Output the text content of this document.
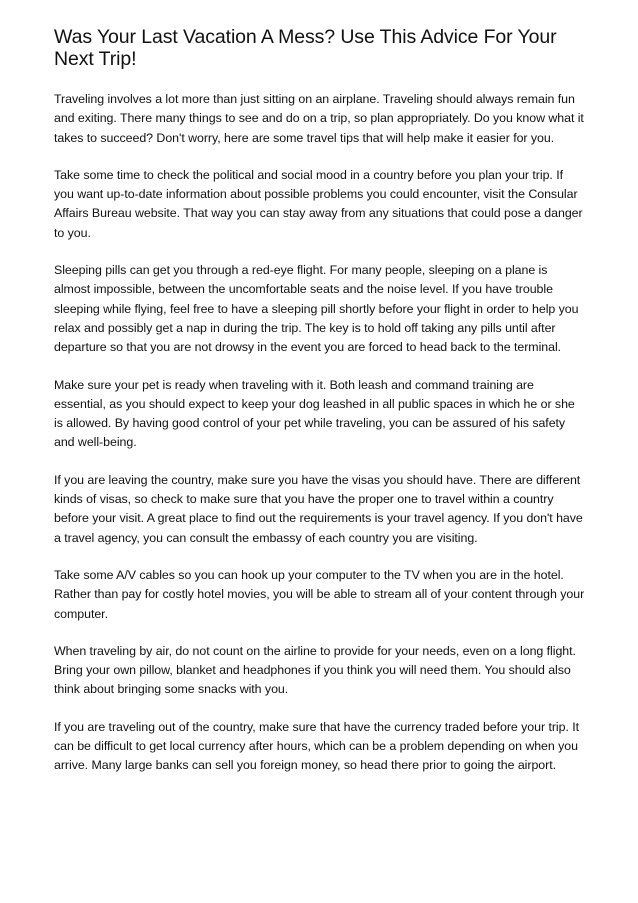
Was Your Last Vacation A Mess? Use This Advice For Your Next Trip!

Traveling involves a lot more than just sitting on an airplane. Traveling should always remain fun and exiting. There many things to see and do on a trip, so plan appropriately. Do you know what it takes to succeed? Don't worry, here are some travel tips that will help make it easier for you.

Take some time to check the political and social mood in a country before you plan your trip. If you want up-to-date information about possible problems you could encounter, visit the Consular Affairs Bureau website. That way you can stay away from any situations that could pose a danger to you.

Sleeping pills can get you through a red-eye flight. For many people, sleeping on a plane is almost impossible, between the uncomfortable seats and the noise level. If you have trouble sleeping while flying, feel free to have a sleeping pill shortly before your flight in order to help you relax and possibly get a nap in during the trip. The key is to hold off taking any pills until after departure so that you are not drowsy in the event you are forced to head back to the terminal.

Make sure your pet is ready when traveling with it. Both leash and command training are essential, as you should expect to keep your dog leashed in all public spaces in which he or she is allowed. By having good control of your pet while traveling, you can be assured of his safety and well-being.

If you are leaving the country, make sure you have the visas you should have. There are different kinds of visas, so check to make sure that you have the proper one to travel within a country before your visit. A great place to find out the requirements is your travel agency. If you don't have a travel agency, you can consult the embassy of each country you are visiting.

Take some A/V cables so you can hook up your computer to the TV when you are in the hotel. Rather than pay for costly hotel movies, you will be able to stream all of your content through your computer.

When traveling by air, do not count on the airline to provide for your needs, even on a long flight. Bring your own pillow, blanket and headphones if you think you will need them. You should also think about bringing some snacks with you.

If you are traveling out of the country, make sure that have the currency traded before your trip. It can be difficult to get local currency after hours, which can be a problem depending on when you arrive. Many large banks can sell you foreign money, so head there prior to going the airport.
